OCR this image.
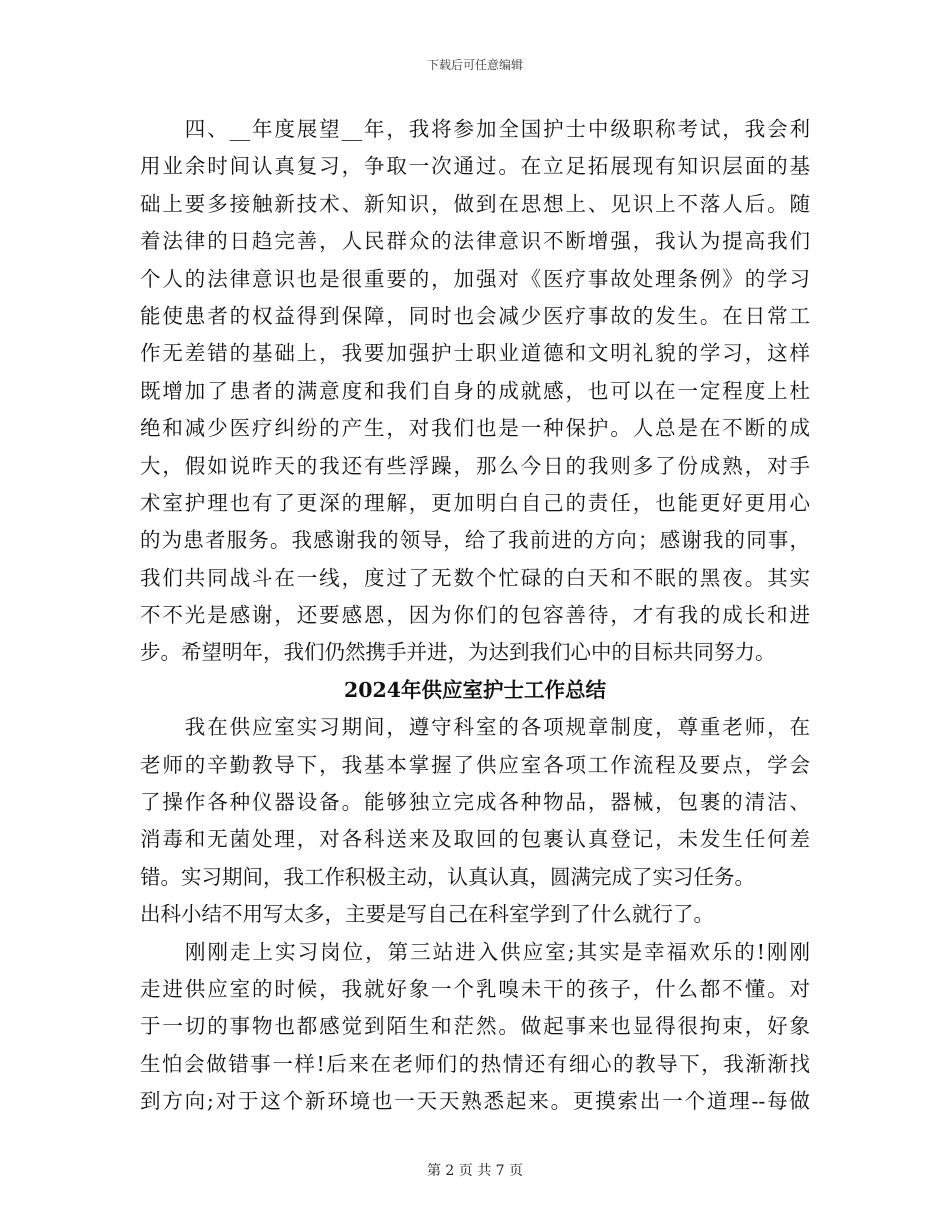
下载后可任意编辑
　　四、__年度展望__年，我将参加全国护士中级职称考试，我会利
用业余时间认真复习，争取一次通过。在立足拓展现有知识层面的基
础上要多接触新技术、新知识，做到在思想上、见识上不落人后。随
着法律的日趋完善，人民群众的法律意识不断增强，我认为提高我们
个人的法律意识也是很重要的，加强对《医疗事故处理条例》的学习
能使患者的权益得到保障，同时也会减少医疗事故的发生。在日常工
作无差错的基础上，我要加强护士职业道德和文明礼貌的学习，这样
既增加了患者的满意度和我们自身的成就感，也可以在一定程度上杜
绝和减少医疗纠纷的产生，对我们也是一种保护。人总是在不断的成
大，假如说昨天的我还有些浮躁，那么今日的我则多了份成熟，对手
术室护理也有了更深的理解，更加明白自己的责任，也能更好更用心
的为患者服务。我感谢我的领导，给了我前进的方向；感谢我的同事，
我们共同战斗在一线，度过了无数个忙碌的白天和不眠的黑夜。其实
不不光是感谢，还要感恩，因为你们的包容善待，才有我的成长和进
步。希望明年，我们仍然携手并进，为达到我们心中的目标共同努力。
2024年供应室护士工作总结
　　我在供应室实习期间，遵守科室的各项规章制度，尊重老师，在
老师的辛勤教导下，我基本掌握了供应室各项工作流程及要点，学会
了操作各种仪器设备。能够独立完成各种物品，器械，包裹的清洁、
消毒和无菌处理，对各科送来及取回的包裹认真登记，未发生任何差
错。实习期间，我工作积极主动，认真认真，圆满完成了实习任务。
出科小结不用写太多，主要是写自己在科室学到了什么就行了。
　　刚刚走上实习岗位，第三站进入供应室;其实是幸福欢乐的!刚刚
走进供应室的时候，我就好象一个乳嗅未干的孩子，什么都不懂。对
于一切的事物也都感觉到陌生和茫然。做起事来也显得很拘束，好象
生怕会做错事一样!后来在老师们的热情还有细心的教导下，我渐渐找
到方向;对于这个新环境也一天天熟悉起来。更摸索出一个道理--每做
第 2 页 共 7 页
